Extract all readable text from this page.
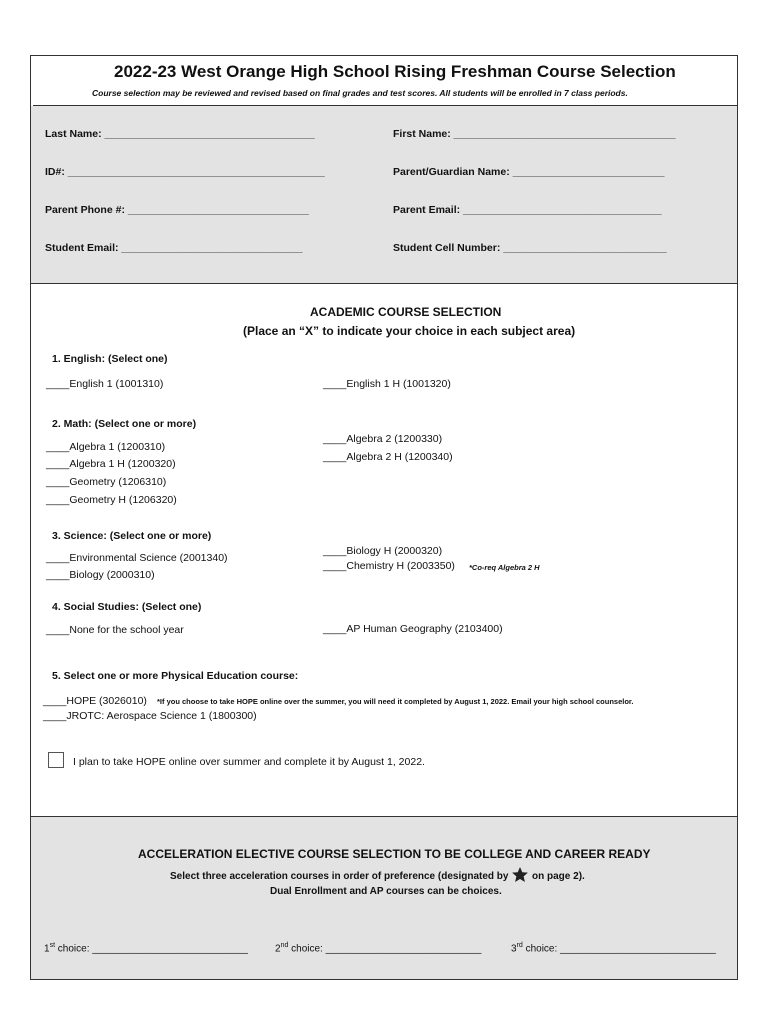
2022-23 West Orange High School Rising Freshman Course Selection
Course selection may be reviewed and revised based on final grades and test scores. All students will be enrolled in 7 class periods.
Last Name: ____________________________________	First Name: ______________________________________
ID#: ____________________________________________	Parent/Guardian Name: __________________________
Parent Phone #: _______________________________	Parent Email: __________________________________
Student Email: _______________________________	Student Cell Number: ____________________________
ACADEMIC COURSE SELECTION
(Place an “X” to indicate your choice in each subject area)
1. English: (Select one)
____English 1 (1001310)	____English 1 H (1001320)
2. Math: (Select one or more)
____Algebra 1 (1200310)
____Algebra 1 H (1200320)
____Geometry (1206310)
____Geometry H (1206320)
____Algebra 2 (1200330)
____Algebra 2 H (1200340)
3. Science: (Select one or more)
____Environmental Science (2001340)
____Biology (2000310)
____Biology H (2000320)
____Chemistry H (2003350) *Co-req Algebra 2 H
4. Social Studies: (Select one)
____None for the school year	____AP Human Geography (2103400)
5. Select one or more Physical Education course:
____HOPE (3026010) *If you choose to take HOPE online over the summer, you will need it completed by August 1, 2022. Email your high school counselor.
____JROTC: Aerospace Science 1 (1800300)
I plan to take HOPE online over summer and complete it by August 1, 2022.
ACCELERATION ELECTIVE COURSE SELECTION TO BE COLLEGE AND CAREER READY
Select three acceleration courses in order of preference (designated by on page 2).
Dual Enrollment and AP courses can be choices.
1st choice: ____________________________	2nd choice: ____________________________	3rd choice: ____________________________
